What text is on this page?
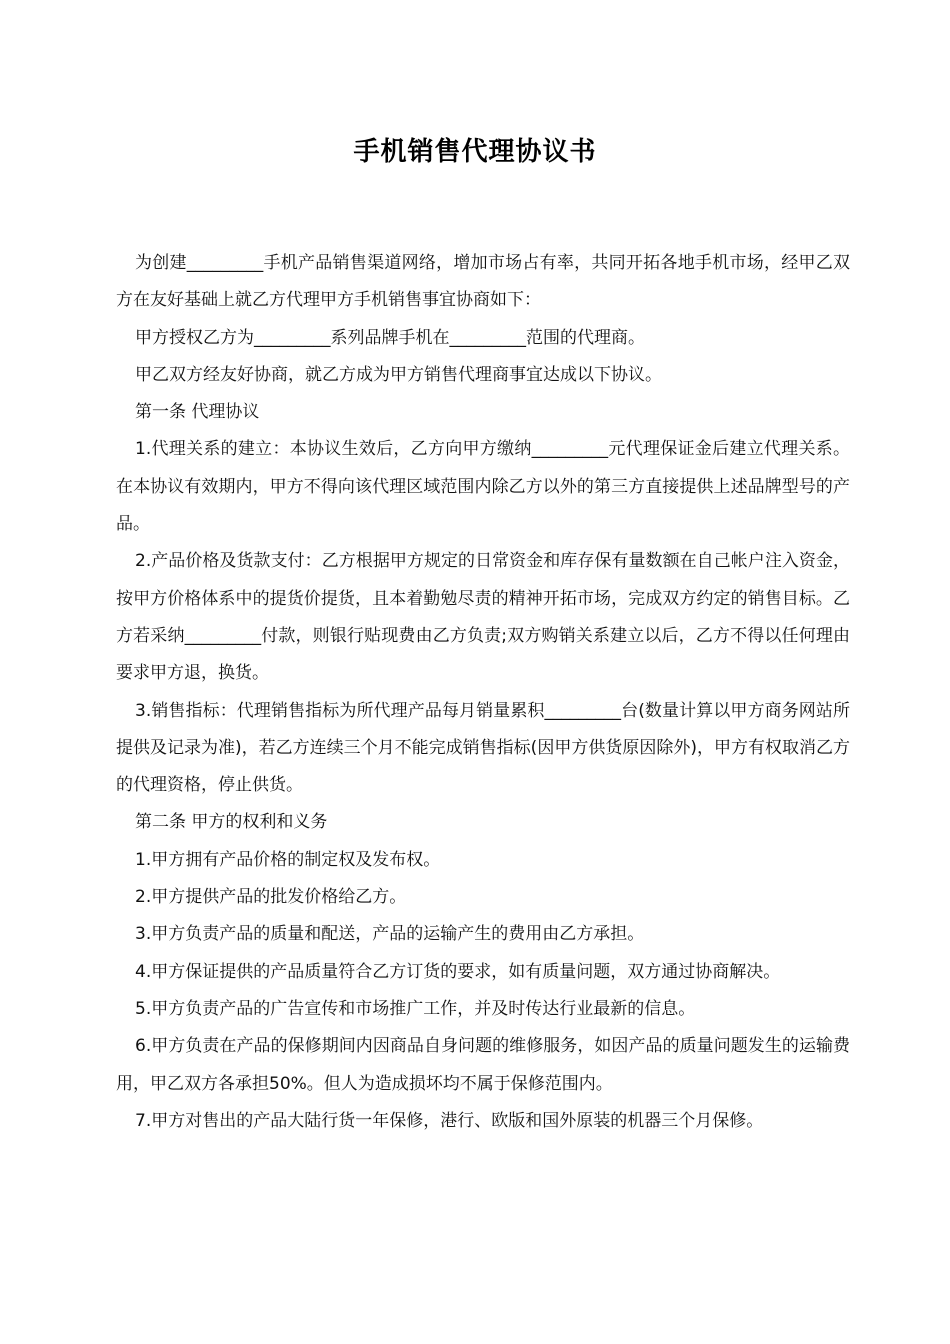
手机销售代理协议书

为创建_________手机产品销售渠道网络，增加市场占有率，共同开拓各地手机市场，经甲乙双方在友好基础上就乙方代理甲方手机销售事宜协商如下：

甲方授权乙方为_________系列品牌手机在_________范围的代理商。

甲乙双方经友好协商，就乙方成为甲方销售代理商事宜达成以下协议。

第一条 代理协议

1.代理关系的建立：本协议生效后，乙方向甲方缴纳_________元代理保证金后建立代理关系。在本协议有效期内，甲方不得向该代理区域范围内除乙方以外的第三方直接提供上述品牌型号的产品。

2.产品价格及货款支付：乙方根据甲方规定的日常资金和库存保有量数额在自己帐户注入资金，按甲方价格体系中的提货价提货，且本着勤勉尽责的精神开拓市场，完成双方约定的销售目标。乙方若采纳_________付款，则银行贴现费由乙方负责;双方购销关系建立以后，乙方不得以任何理由要求甲方退，换货。

3.销售指标：代理销售指标为所代理产品每月销量累积_________台(数量计算以甲方商务网站所提供及记录为准)，若乙方连续三个月不能完成销售指标(因甲方供货原因除外)，甲方有权取消乙方的代理资格，停止供货。

第二条 甲方的权利和义务

1.甲方拥有产品价格的制定权及发布权。

2.甲方提供产品的批发价格给乙方。

3.甲方负责产品的质量和配送，产品的运输产生的费用由乙方承担。

4.甲方保证提供的产品质量符合乙方订货的要求，如有质量问题，双方通过协商解决。

5.甲方负责产品的广告宣传和市场推广工作，并及时传达行业最新的信息。

6.甲方负责在产品的保修期间内因商品自身问题的维修服务，如因产品的质量问题发生的运输费用，甲乙双方各承担50%。但人为造成损坏均不属于保修范围内。

7.甲方对售出的产品大陆行货一年保修，港行、欧版和国外原装的机器三个月保修。
